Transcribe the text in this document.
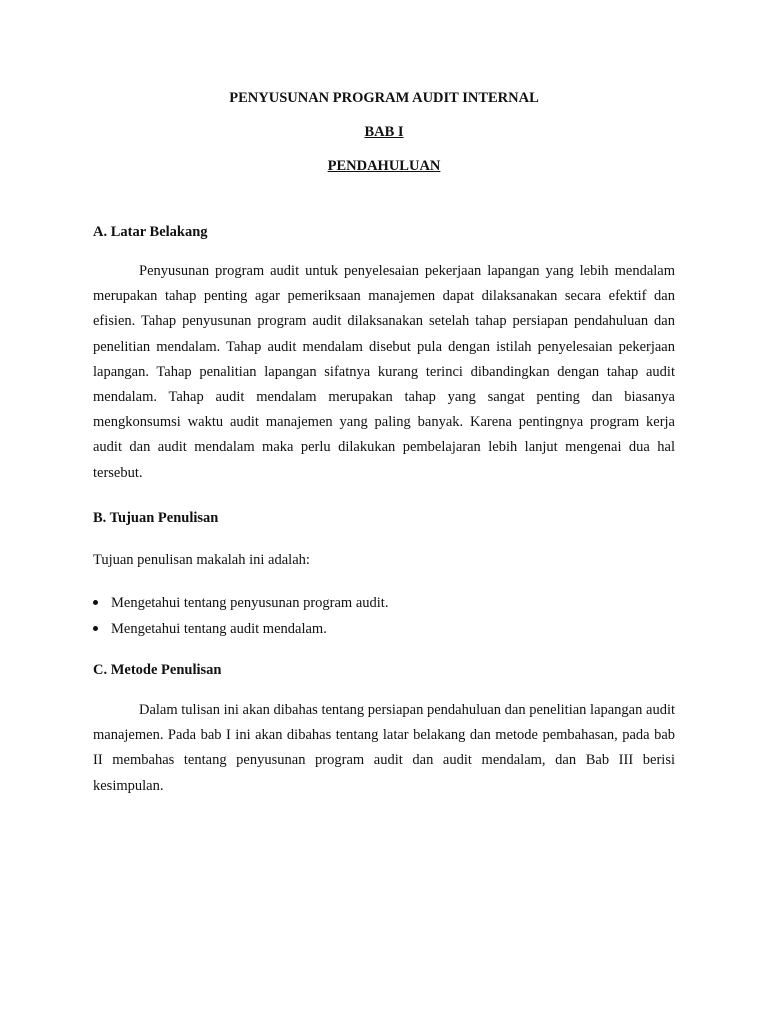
PENYUSUNAN PROGRAM AUDIT INTERNAL
BAB I
PENDAHULUAN
A. Latar Belakang

Penyusunan program audit untuk penyelesaian pekerjaan lapangan yang lebih mendalam merupakan tahap penting agar pemeriksaan manajemen dapat dilaksanakan secara efektif dan efisien. Tahap penyusunan program audit dilaksanakan setelah tahap persiapan pendahuluan dan penelitian mendalam. Tahap audit mendalam disebut pula dengan istilah penyelesaian pekerjaan lapangan. Tahap penalitian lapangan sifatnya kurang terinci dibandingkan dengan tahap audit mendalam. Tahap audit mendalam merupakan tahap yang sangat penting dan biasanya mengkonsumsi waktu audit manajemen yang paling banyak. Karena pentingnya program kerja audit dan audit mendalam maka perlu dilakukan pembelajaran lebih lanjut mengenai dua hal tersebut.

B. Tujuan Penulisan

Tujuan penulisan makalah ini adalah:

Mengetahui tentang penyusunan program audit.
Mengetahui tentang audit mendalam.
C. Metode Penulisan

Dalam tulisan ini akan dibahas tentang persiapan pendahuluan dan penelitian lapangan audit manajemen. Pada bab I ini akan dibahas tentang latar belakang dan metode pembahasan, pada bab II membahas tentang penyusunan program audit dan audit mendalam, dan Bab III berisi kesimpulan.
